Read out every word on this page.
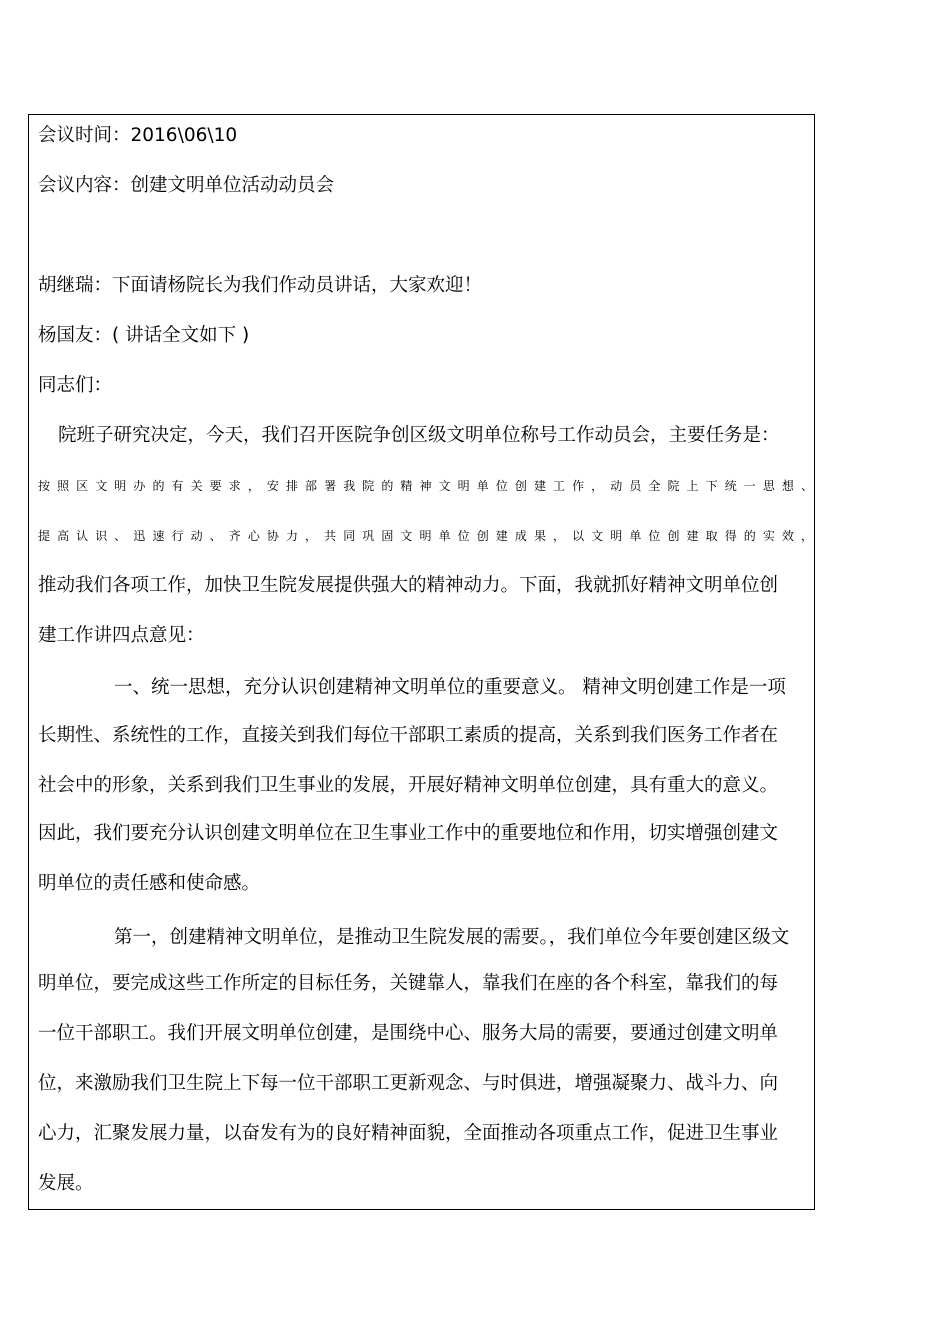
会议时间：2016\06\10
会议内容：创建文明单位活动动员会
胡继瑞：下面请杨院长为我们作动员讲话，大家欢迎！
杨国友：( 讲话全文如下 )
同志们：
院班子研究决定，今天，我们召开医院争创区级文明单位称号工作动员会，主要任务是：
按照区文明办的有关要求，安排部署我院的精神文明单位创建工作，动员全院上下统一思想、
提高认识、迅速行动、齐心协力，共同巩固文明单位创建成果，以文明单位创建取得的实效，
推动我们各项工作，加快卫生院发展提供强大的精神动力。下面，我就抓好精神文明单位创
建工作讲四点意见：
一、统一思想，充分认识创建精神文明单位的重要意义。 精神文明创建工作是一项
长期性、系统性的工作，直接关到我们每位干部职工素质的提高，关系到我们医务工作者在
社会中的形象，关系到我们卫生事业的发展，开展好精神文明单位创建，具有重大的意义。
因此，我们要充分认识创建文明单位在卫生事业工作中的重要地位和作用，切实增强创建文
明单位的责任感和使命感。
第一，创建精神文明单位，是推动卫生院发展的需要。，我们单位今年要创建区级文
明单位，要完成这些工作所定的目标任务，关键靠人，靠我们在座的各个科室，靠我们的每
一位干部职工。我们开展文明单位创建，是围绕中心、服务大局的需要，要通过创建文明单
位，来激励我们卫生院上下每一位干部职工更新观念、与时俱进，增强凝聚力、战斗力、向
心力，汇聚发展力量，以奋发有为的良好精神面貌，全面推动各项重点工作，促进卫生事业
发展。
